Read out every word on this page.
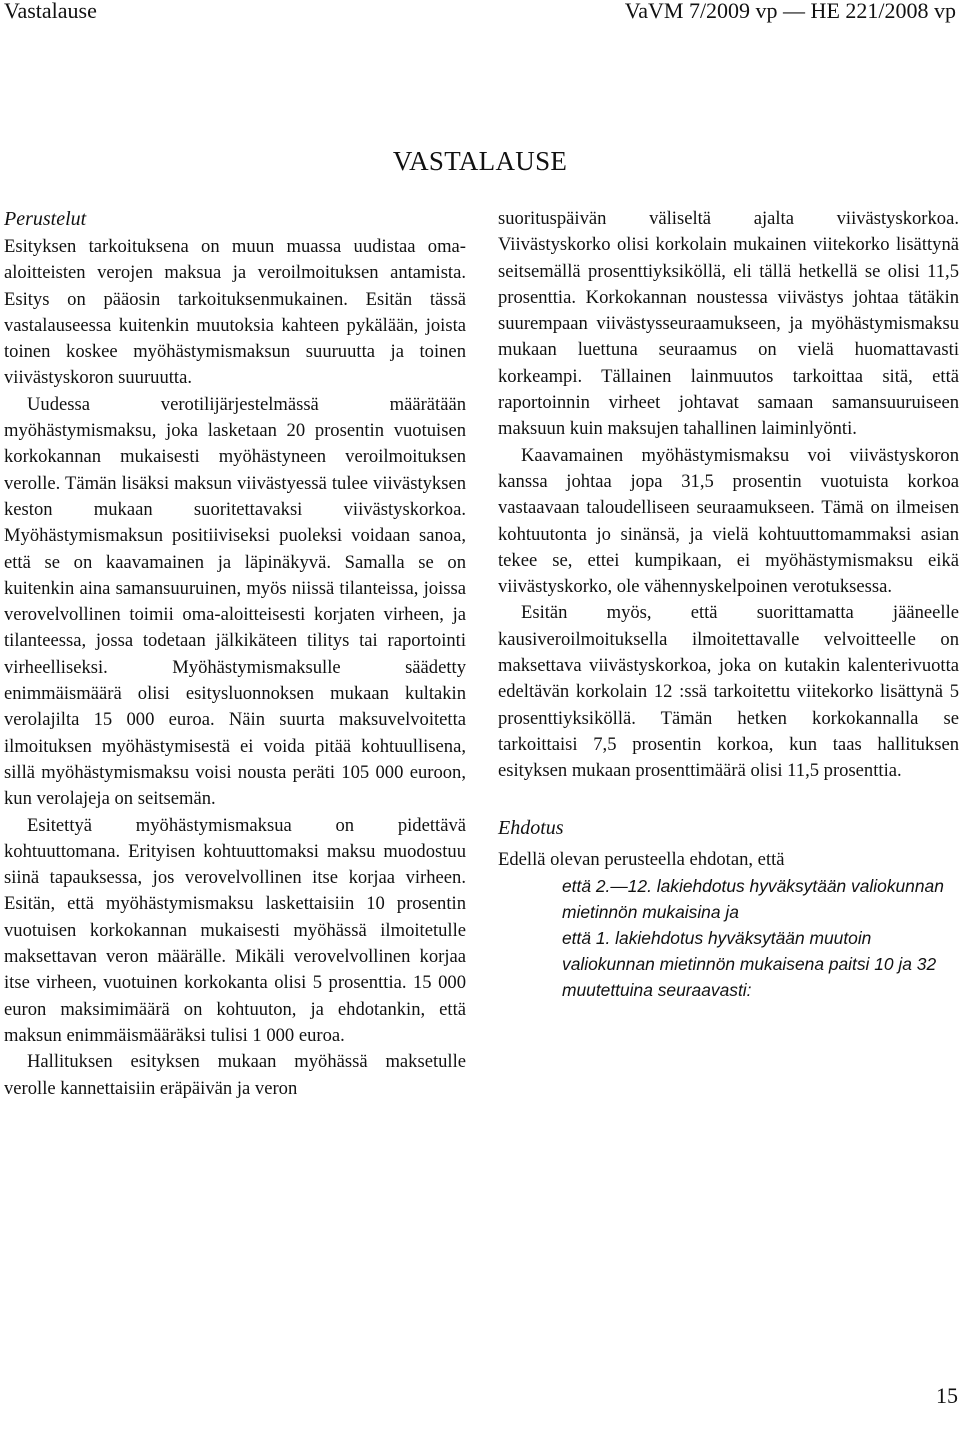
Vastalause	VaVM 7/2009 vp — HE 221/2008 vp
VASTALAUSE
Perustelut

Esityksen tarkoituksena on muun muassa uudistaa oma-aloitteisten verojen maksua ja veroilmoituksen antamista. Esitys on pääosin tarkoituksenmukainen. Esitän tässä vastalauseessa kuitenkin muutoksia kahteen pykälään, joista toinen koskee myöhästymismaksun suuruutta ja toinen viivästyskoron suuruutta.

Uudessa verotilijärjestelmässä määrätään myöhästymismaksu, joka lasketaan 20 prosentin vuotuisen korkokannan mukaisesti myöhästyneen veroilmoituksen verolle. Tämän lisäksi maksun viivästyessä tulee viivästyksen keston mukaan suoritettavaksi viivästyskorkoa. Myöhästymismaksun positiiviseksi puoleksi voidaan sanoa, että se on kaavamainen ja läpinäkyvä. Samalla se on kuitenkin aina samansuuruinen, myös niissä tilanteissa, joissa verovelvollinen toimii oma-aloitteisesti korjaten virheen, ja tilanteessa, jossa todetaan jälkikäteen tilitys tai raportointi virheelliseksi. Myöhästymismaksulle säädetty enimmäismäärä olisi esitysluonnoksen mukaan kultakin verolajilta 15 000 euroa. Näin suurta maksuvelvoitetta ilmoituksen myöhästymisestä ei voida pitää kohtuullisena, sillä myöhästymismaksu voisi nousta peräti 105 000 euroon, kun verolajeja on seitsemän.

Esitettyä myöhästymismaksua on pidettävä kohtuuttomana. Erityisen kohtuuttomaksi maksu muodostuu siinä tapauksessa, jos verovelvollinen itse korjaa virheen. Esitän, että myöhästymismaksu laskettaisiin 10 prosentin vuotuisen korkokannan mukaisesti myöhässä ilmoitetulle maksettavan veron määrälle. Mikäli verovelvollinen korjaa itse virheen, vuotuinen korkokanta olisi 5 prosenttia. 15 000 euron maksimimäärä on kohtuuton, ja ehdotankin, että maksun enimmäismääräksi tulisi 1 000 euroa.

Hallituksen esityksen mukaan myöhässä maksetulle verolle kannettaisiin eräpäivän ja veron

suorituspäivän väliseltä ajalta viivästyskorkoa. Viivästyskorko olisi korkolain mukainen viitekorko lisättynä seitsemällä prosenttiyksiköllä, eli tällä hetkellä se olisi 11,5 prosenttia. Korkokannan noustessa viivästys johtaa tätäkin suurempaan viivästysseuraamukseen, ja myöhästymismaksu mukaan luettuna seuraamus on vielä huomattavasti korkeampi. Tällainen lainmuutos tarkoittaa sitä, että raportoinnin virheet johtavat samaan samansuuruiseen maksuun kuin maksujen tahallinen laiminlyönti.

Kaavamainen myöhästymismaksu voi viivästyskoron kanssa johtaa jopa 31,5 prosentin vuotuista korkoa vastaavaan taloudelliseen seuraamukseen. Tämä on ilmeisen kohtuutonta jo sinänsä, ja vielä kohtuuttomammaksi asian tekee se, ettei kumpikaan, ei myöhästymismaksu eikä viivästyskorko, ole vähennyskelpoinen verotuksessa.

Esitän myös, että suorittamatta jääneelle kausiveroilmoituksella ilmoitettavalle velvoitteelle on maksettava viivästyskorkoa, joka on kutakin kalenterivuotta edeltävän korkolain 12 :ssä tarkoitettu viitekorko lisättynä 5 prosenttiyksiköllä. Tämän hetken korkokannalla se tarkoittaisi 7,5 prosentin korkoa, kun taas hallituksen esityksen mukaan prosenttimäärä olisi 11,5 prosenttia.

Ehdotus

Edellä olevan perusteella ehdotan, että

että 2.—12. lakiehdotus hyväksytään valiokunnan mietinnön mukaisina ja

että 1. lakiehdotus hyväksytään muutoin valiokunnan mietinnön mukaisena paitsi 10 ja 32 muutettuina seuraavasti:

15
